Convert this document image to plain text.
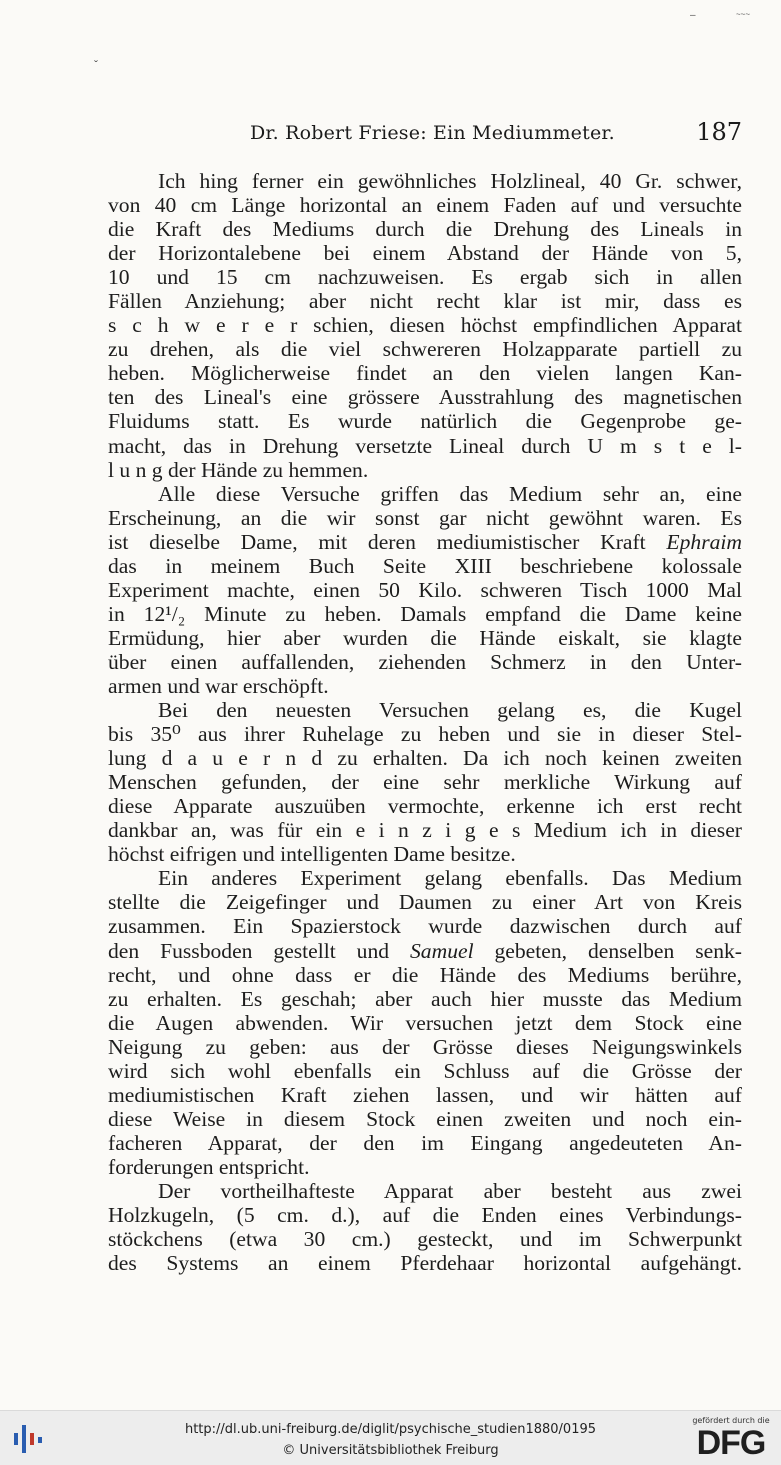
–	~~~
ˇ
Dr. Robert Friese: Ein Mediummeter.	187
Ich hing ferner ein gewöhnliches Holzlineal, 40 Gr. schwer,
von 40 cm Länge horizontal an einem Faden auf und versuchte
die Kraft des Mediums durch die Drehung des Lineals in
der Horizontalebene bei einem Abstand der Hände von 5,
10 und 15 cm nachzuweisen. Es ergab sich in allen
Fällen Anziehung; aber nicht recht klar ist mir, dass es
s c h w e r e r schien, diesen höchst empfindlichen Apparat
zu drehen, als die viel schwereren Holzapparate partiell zu
heben. Möglicherweise findet an den vielen langen Kan-
ten des Lineal's eine grössere Ausstrahlung des magnetischen
Fluidums statt. Es wurde natürlich die Gegenprobe ge-
macht, das in Drehung versetzte Lineal durch U m s t e l-
l u n g der Hände zu hemmen.
Alle diese Versuche griffen das Medium sehr an, eine
Erscheinung, an die wir sonst gar nicht gewöhnt waren. Es
ist dieselbe Dame, mit deren mediumistischer Kraft Ephraim
das in meinem Buch Seite XIII beschriebene kolossale
Experiment machte, einen 50 Kilo. schweren Tisch 1000 Mal
in 12¹/₂ Minute zu heben. Damals empfand die Dame keine
Ermüdung, hier aber wurden die Hände eiskalt, sie klagte
über einen auffallenden, ziehenden Schmerz in den Unter-
armen und war erschöpft.
Bei den neuesten Versuchen gelang es, die Kugel
bis 35⁰ aus ihrer Ruhelage zu heben und sie in dieser Stel-
lung d a u e r n d zu erhalten. Da ich noch keinen zweiten
Menschen gefunden, der eine sehr merkliche Wirkung auf
diese Apparate auszuüben vermochte, erkenne ich erst recht
dankbar an, was für ein e i n z i g e s Medium ich in dieser
höchst eifrigen und intelligenten Dame besitze.
Ein anderes Experiment gelang ebenfalls. Das Medium
stellte die Zeigefinger und Daumen zu einer Art von Kreis
zusammen. Ein Spazierstock wurde dazwischen durch auf
den Fussboden gestellt und Samuel gebeten, denselben senk-
recht, und ohne dass er die Hände des Mediums berühre,
zu erhalten. Es geschah; aber auch hier musste das Medium
die Augen abwenden. Wir versuchen jetzt dem Stock eine
Neigung zu geben: aus der Grösse dieses Neigungswinkels
wird sich wohl ebenfalls ein Schluss auf die Grösse der
mediumistischen Kraft ziehen lassen, und wir hätten auf
diese Weise in diesem Stock einen zweiten und noch ein-
facheren Apparat, der den im Eingang angedeuteten An-
forderungen entspricht.
Der vortheilhafteste Apparat aber besteht aus zwei
Holzkugeln, (5 cm. d.), auf die Enden eines Verbindungs-
stöckchens (etwa 30 cm.) gesteckt, und im Schwerpunkt
des Systems an einem Pferdehaar horizontal aufgehängt.
http://dl.ub.uni-freiburg.de/diglit/psychische_studien1880/0195
© Universitätsbibliothek Freiburg
gefördert durch die
DFG
